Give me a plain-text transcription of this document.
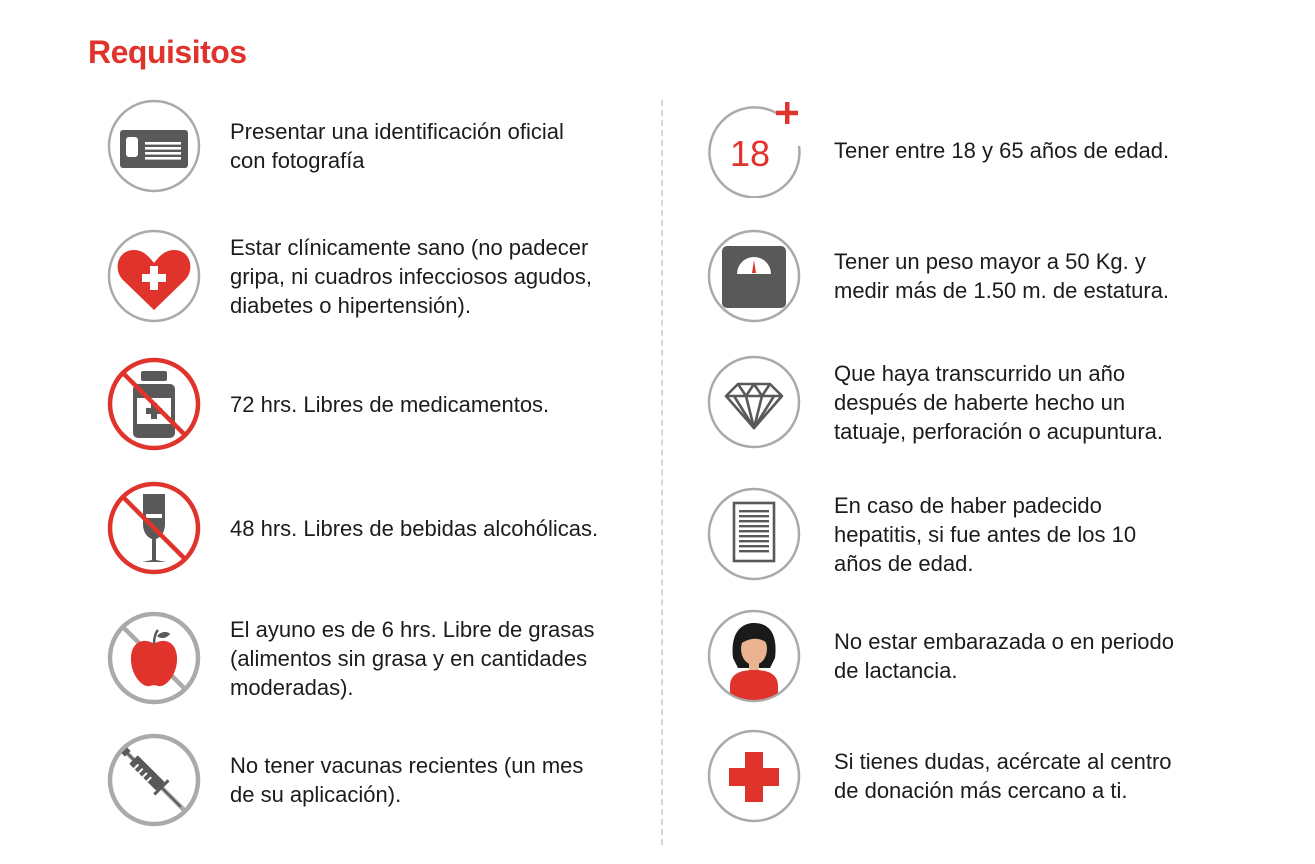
Requisitos
Presentar una identificación oficial
con fotografía
Estar clínicamente sano (no padecer
gripa, ni cuadros infecciosos agudos,
diabetes o hipertensión).
72 hrs. Libres de medicamentos.
48 hrs. Libres de bebidas alcohólicas.
El ayuno es de 6 hrs. Libre de grasas
(alimentos sin grasa y en cantidades
moderadas).
No tener vacunas recientes (un mes
de su aplicación).
18	Tener entre 18 y 65 años de edad.
Tener un peso mayor a 50 Kg. y
medir más de 1.50 m. de estatura.
Que haya transcurrido un año
después de haberte hecho un
tatuaje, perforación o acupuntura.
En caso de haber padecido
hepatitis, si fue antes de los 10
años de edad.
No estar embarazada o en periodo
de lactancia.
Si tienes dudas, acércate al centro
de donación más cercano a ti.
